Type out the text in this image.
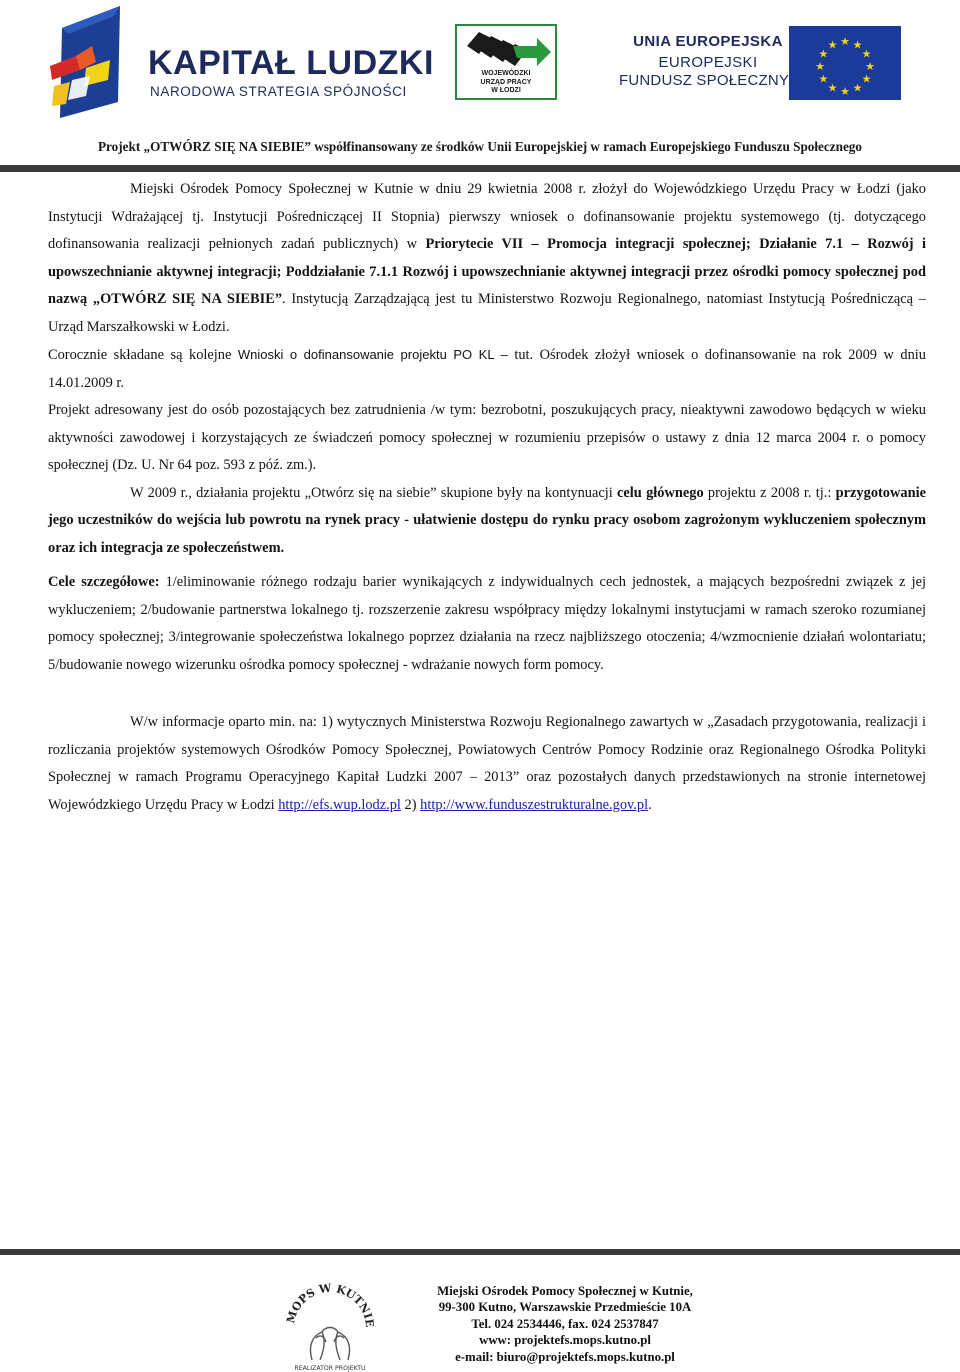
KAPITAŁ LUDZKI
NARODOWA STRATEGIA SPÓJNOŚCI
WOJEWÓDZKI
URZĄD PRACY
W ŁODZI
UNIA EUROPEJSKA
EUROPEJSKI
FUNDUSZ SPOŁECZNY
★ ★
★
★
★
★
★
★
★
★
★
★
Projekt „OTWÓRZ SIĘ NA SIEBIE” współfinansowany ze środków Unii Europejskiej w ramach Europejskiego Funduszu Społecznego

Miejski Ośrodek Pomocy Społecznej w Kutnie w dniu 29 kwietnia 2008 r. złożył do Wojewódzkiego Urzędu Pracy w Łodzi (jako Instytucji Wdrażającej tj. Instytucji Pośredniczącej II Stopnia) pierwszy wniosek o dofinansowanie projektu systemowego (tj. dotyczącego dofinansowania realizacji pełnionych zadań publicznych) w Priorytecie VII – Promocja integracji społecznej; Działanie 7.1 – Rozwój i upowszechnianie aktywnej integracji; Poddziałanie 7.1.1 Rozwój i upowszechnianie aktywnej integracji przez ośrodki pomocy społecznej pod nazwą „OTWÓRZ SIĘ NA SIEBIE”. Instytucją Zarządzającą jest tu Ministerstwo Rozwoju Regionalnego, natomiast Instytucją Pośredniczącą – Urząd Marszałkowski w Łodzi.

Corocznie składane są kolejne Wnioski o dofinansowanie projektu PO KL – tut. Ośrodek złożył wniosek o dofinansowanie na rok 2009 w dniu 14.01.2009 r.

Projekt adresowany jest do osób pozostających bez zatrudnienia /w tym: bezrobotni, poszukujących pracy, nieaktywni zawodowo będących w wieku aktywności zawodowej i korzystających ze świadczeń pomocy społecznej w rozumieniu przepisów o ustawy z dnia 12 marca 2004 r. o pomocy społecznej (Dz. U. Nr 64 poz. 593 z póź. zm.).

W 2009 r., działania projektu „Otwórz się na siebie” skupione były na kontynuacji celu głównego projektu z 2008 r. tj.: przygotowanie jego uczestników do wejścia lub powrotu na rynek pracy - ułatwienie dostępu do rynku pracy osobom zagrożonym wykluczeniem społecznym oraz ich integracja ze społeczeństwem.

Cele szczegółowe: 1/eliminowanie różnego rodzaju barier wynikających z indywidualnych cech jednostek, a mających bezpośredni związek z jej wykluczeniem; 2/budowanie partnerstwa lokalnego tj. rozszerzenie zakresu współpracy między lokalnymi instytucjami w ramach szeroko rozumianej pomocy społecznej; 3/integrowanie społeczeństwa lokalnego poprzez działania na rzecz najbliższego otoczenia; 4/wzmocnienie działań wolontariatu; 5/budowanie nowego wizerunku ośrodka pomocy społecznej - wdrażanie nowych form pomocy.

W/w informacje oparto min. na: 1) wytycznych Ministerstwa Rozwoju Regionalnego zawartych w „Zasadach przygotowania, realizacji i rozliczania projektów systemowych Ośrodków Pomocy Społecznej, Powiatowych Centrów Pomocy Rodzinie oraz Regionalnego Ośrodka Polityki Społecznej w ramach Programu Operacyjnego Kapitał Ludzki 2007 – 2013” oraz pozostałych danych przedstawionych na stronie internetowej Wojewódzkiego Urzędu Pracy w Łodzi http://efs.wup.lodz.pl 2) http://www.funduszestrukturalne.gov.pl.

MOPS W KUTNIE
REALIZATOR PROJEKTU
Miejski Ośrodek Pomocy Społecznej w Kutnie,
99-300 Kutno, Warszawskie Przedmieście 10A
Tel. 024 2534446, fax. 024 2537847
www: projektefs.mops.kutno.pl
e-mail: biuro@projektefs.mops.kutno.pl
